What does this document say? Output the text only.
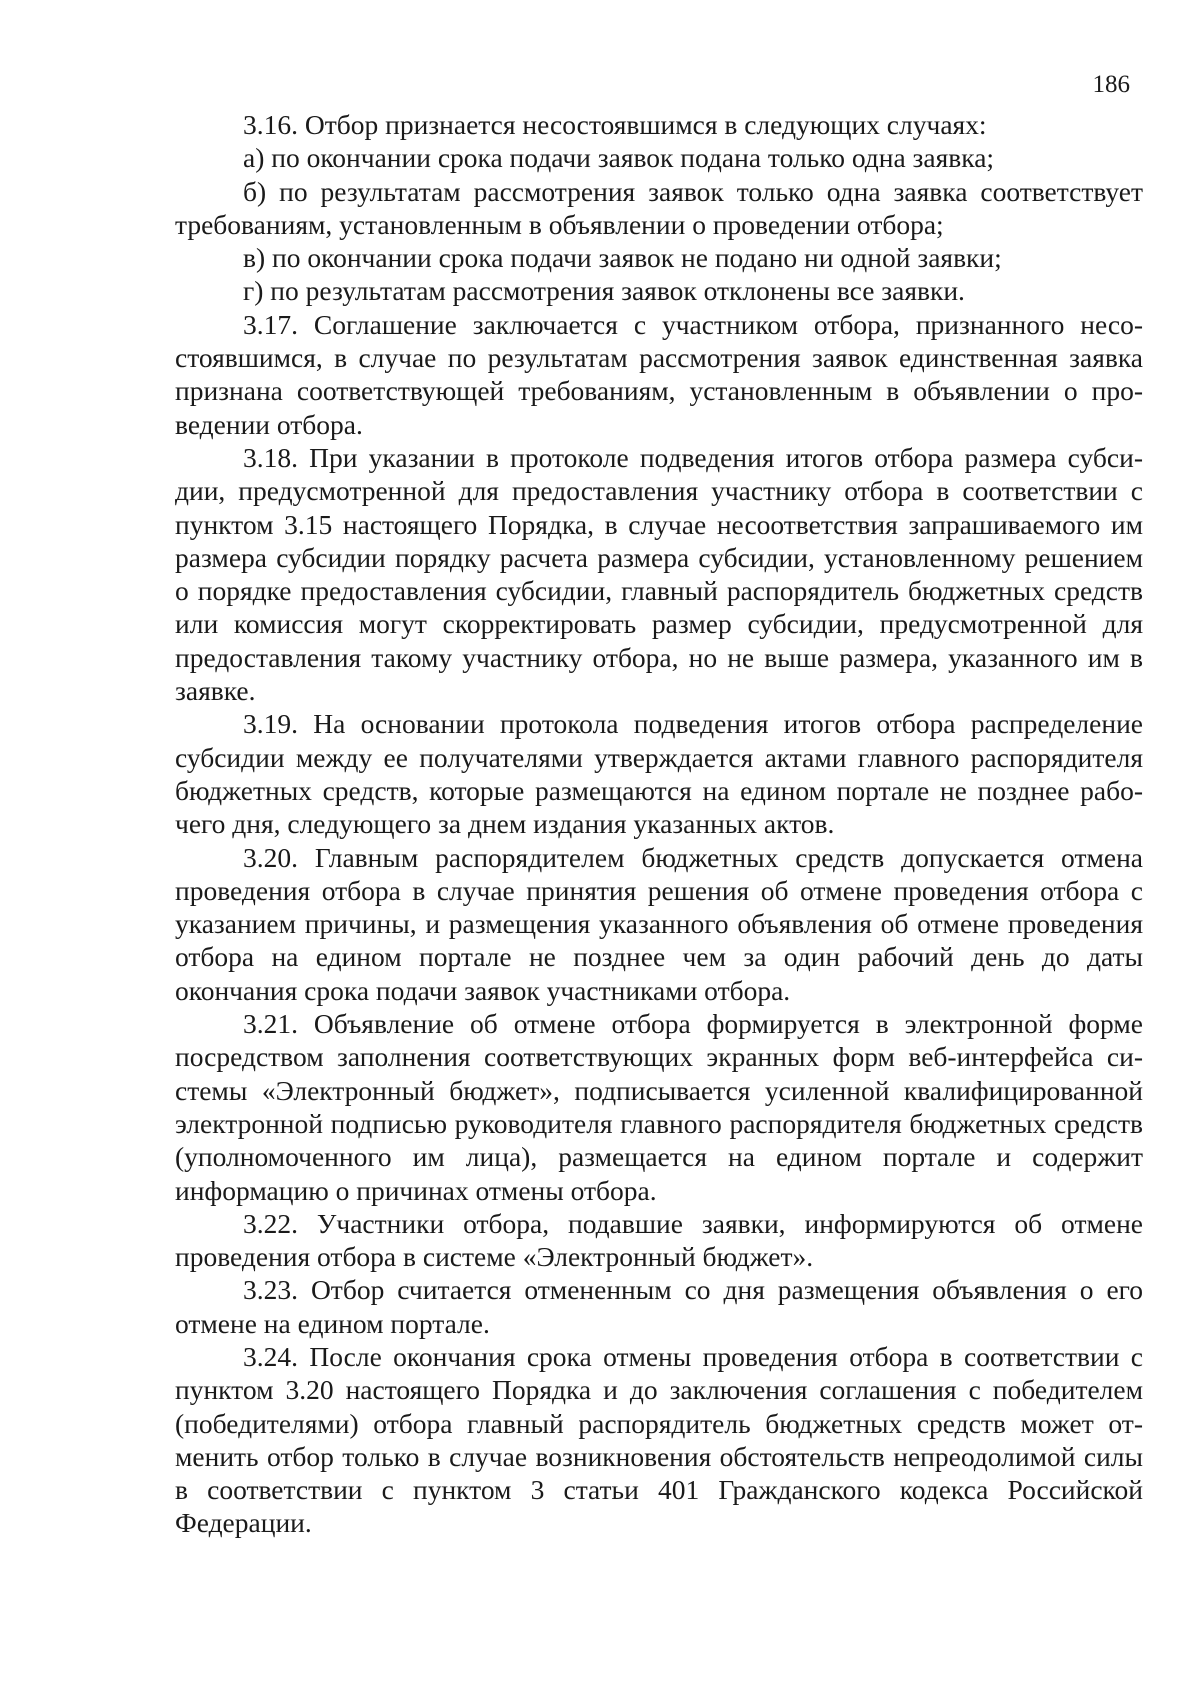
186

3.16. Отбор признается несостоявшимся в следующих случаях:

а) по окончании срока подачи заявок подана только одна заявка;

б) по результатам рассмотрения заявок только одна заявка соответствует требованиям, установленным в объявлении о проведении отбора;

в) по окончании срока подачи заявок не подано ни одной заявки;

г) по результатам рассмотрения заявок отклонены все заявки.

3.17. Соглашение заключается с участником отбора, признанного несостоявшимся, в случае по результатам рассмотрения заявок единственная заявка признана соответствующей требованиям, установленным в объявлении о проведении отбора.

3.18. При указании в протоколе подведения итогов отбора размера субсидии, предусмотренной для предоставления участнику отбора в соответствии с пунктом 3.15 настоящего Порядка, в случае несоответствия запрашиваемого им размера субсидии порядку расчета размера субсидии, установленному решением о порядке предоставления субсидии, главный распорядитель бюджетных средств или комиссия могут скорректировать размер субсидии, предусмотренной для предоставления такому участнику отбора, но не выше размера, указанного им в заявке.

3.19. На основании протокола подведения итогов отбора распределение субсидии между ее получателями утверждается актами главного распорядителя бюджетных средств, которые размещаются на едином портале не позднее рабочего дня, следующего за днем издания указанных актов.

3.20. Главным распорядителем бюджетных средств допускается отмена проведения отбора в случае принятия решения об отмене проведения отбора с указанием причины, и размещения указанного объявления об отмене проведения отбора на едином портале не позднее чем за один рабочий день до даты окончания срока подачи заявок участниками отбора.

3.21. Объявление об отмене отбора формируется в электронной форме посредством заполнения соответствующих экранных форм веб-интерфейса системы «Электронный бюджет», подписывается усиленной квалифицированной электронной подписью руководителя главного распорядителя бюджетных средств (уполномоченного им лица), размещается на едином портале и содержит информацию о причинах отмены отбора.

3.22. Участники отбора, подавшие заявки, информируются об отмене проведения отбора в системе «Электронный бюджет».

3.23. Отбор считается отмененным со дня размещения объявления о его отмене на едином портале.

3.24. После окончания срока отмены проведения отбора в соответствии с пунктом 3.20 настоящего Порядка и до заключения соглашения с победителем (победителями) отбора главный распорядитель бюджетных средств может отменить отбор только в случае возникновения обстоятельств непреодолимой силы в соответствии с пунктом 3 статьи 401 Гражданского кодекса Российской Федерации.
